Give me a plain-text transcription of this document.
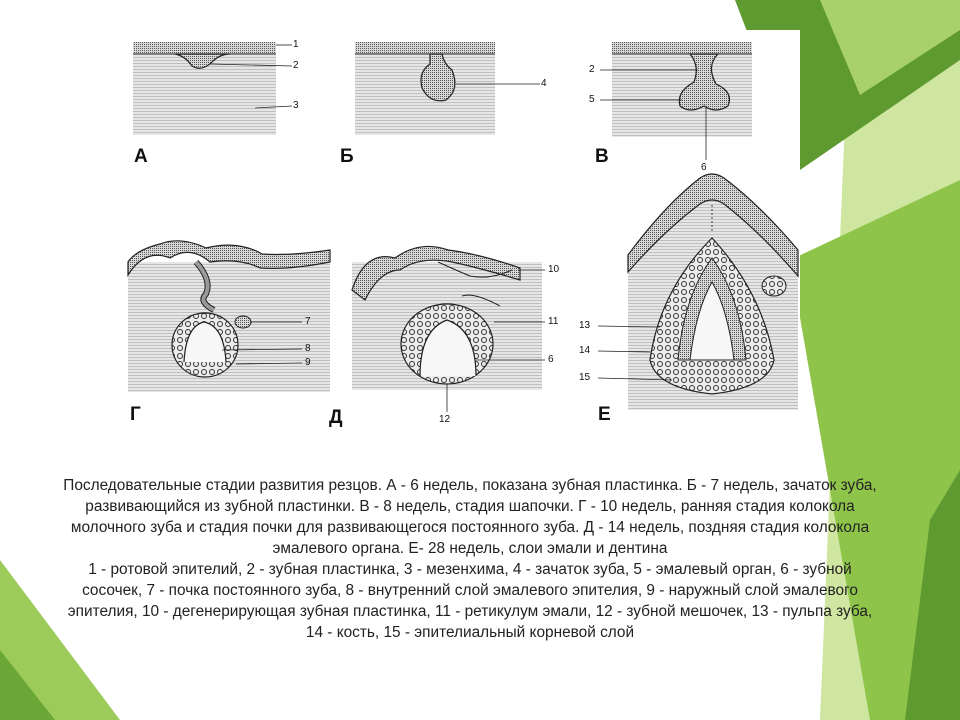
А	Б	В
Г	Д	Е
1
2
3
4
2
5
6
7
8
9
10
11
6
12
13
14
15

Последовательные стадии развития резцов. А - 6 недель, показана зубная пластинка. Б - 7 недель, зачаток зуба, развивающийся из зубной пластинки. В - 8 недель, стадия шапочки. Г - 10 недель, ранняя стадия колокола молочного зуба и стадия почки для развивающегося постоянного зуба. Д - 14 недель, поздняя стадия колокола эмалевого органа. Е- 28 недель, слои эмали и дентина

1 - ротовой эпителий, 2 - зубная пластинка, 3 - мезенхима, 4 - зачаток зуба, 5 - эмалевый орган, 6 - зубной сосочек, 7 - почка постоянного зуба, 8 - внутренний слой эмалевого эпителия, 9 - наружный слой эмалевого эпителия, 10 - дегенерирующая зубная пластинка, 11 - ретикулум эмали, 12 - зубной мешочек, 13 - пульпа зуба, 14 - кость, 15 - эпителиальный корневой слой
